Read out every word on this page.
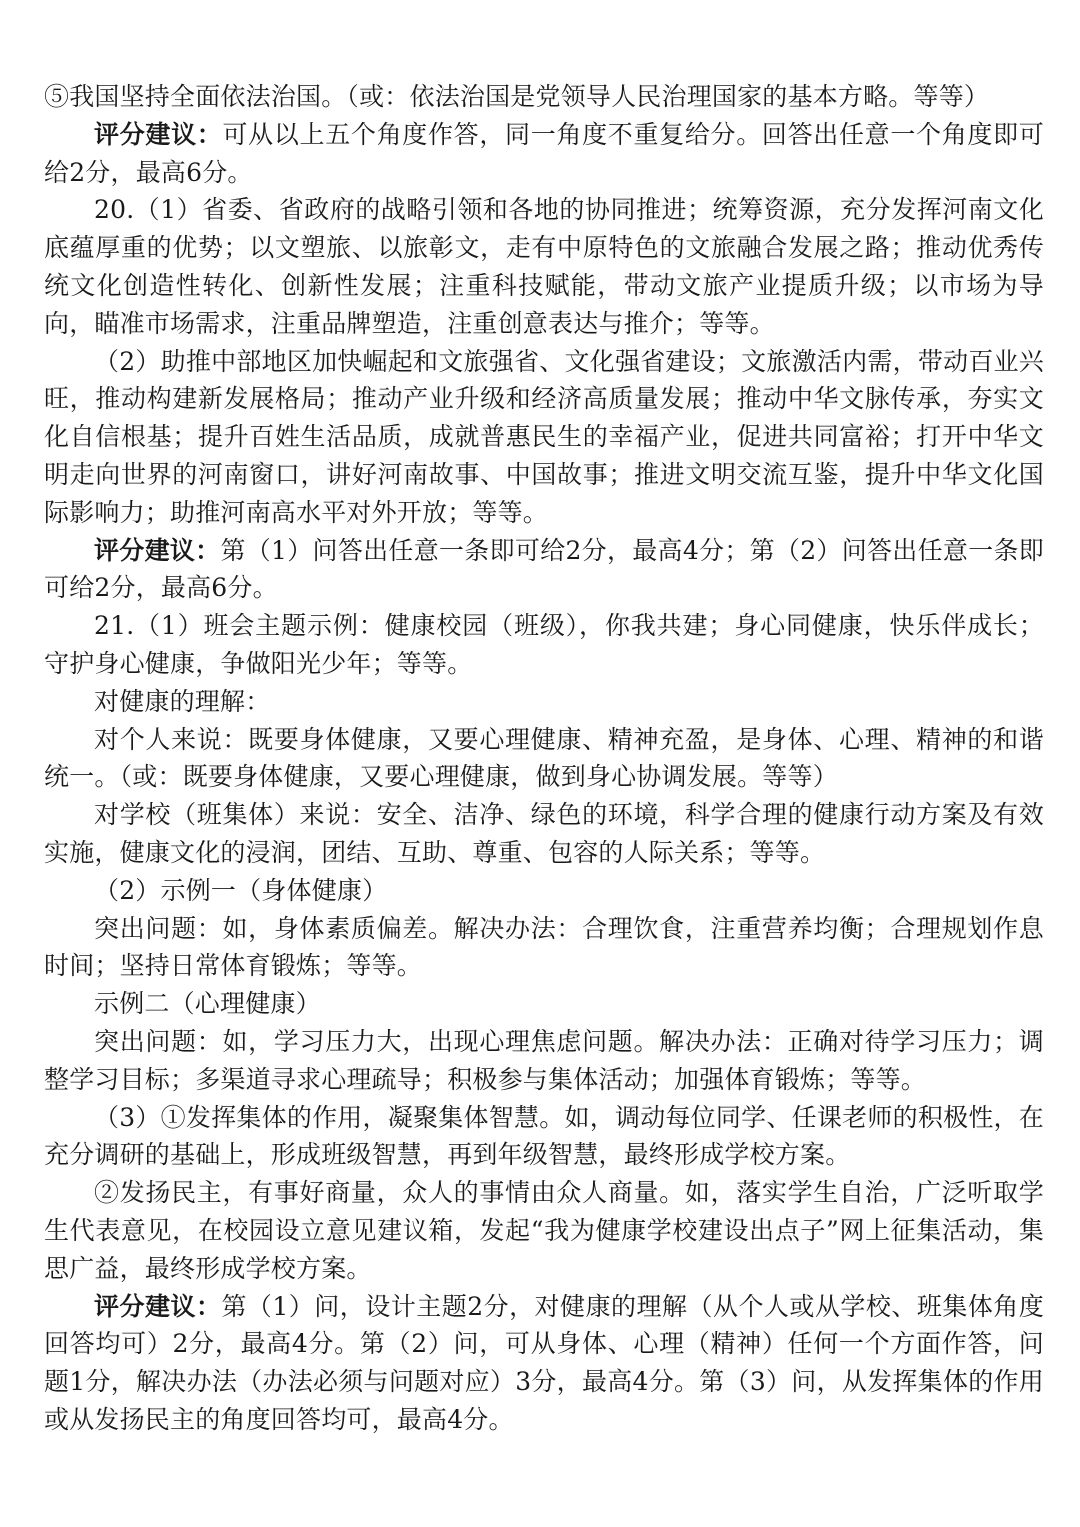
⑤我国坚持全面依法治国。（或：依法治国是党领导人民治理国家的基本方略。等等）

评分建议：可从以上五个角度作答，同一角度不重复给分。回答出任意一个角度即可给2分，最高6分。

20.（1）省委、省政府的战略引领和各地的协同推进；统筹资源，充分发挥河南文化底蕴厚重的优势；以文塑旅、以旅彰文，走有中原特色的文旅融合发展之路；推动优秀传统文化创造性转化、创新性发展；注重科技赋能，带动文旅产业提质升级；以市场为导向，瞄准市场需求，注重品牌塑造，注重创意表达与推介；等等。

（2）助推中部地区加快崛起和文旅强省、文化强省建设；文旅激活内需，带动百业兴旺，推动构建新发展格局；推动产业升级和经济高质量发展；推动中华文脉传承，夯实文化自信根基；提升百姓生活品质，成就普惠民生的幸福产业，促进共同富裕；打开中华文明走向世界的河南窗口，讲好河南故事、中国故事；推进文明交流互鉴，提升中华文化国际影响力；助推河南高水平对外开放；等等。

评分建议：第（1）问答出任意一条即可给2分，最高4分；第（2）问答出任意一条即可给2分，最高6分。

21.（1）班会主题示例：健康校园（班级），你我共建；身心同健康，快乐伴成长；守护身心健康，争做阳光少年；等等。

对健康的理解：

对个人来说：既要身体健康，又要心理健康、精神充盈，是身体、心理、精神的和谐统一。（或：既要身体健康，又要心理健康，做到身心协调发展。等等）

对学校（班集体）来说：安全、洁净、绿色的环境，科学合理的健康行动方案及有效实施，健康文化的浸润，团结、互助、尊重、包容的人际关系；等等。

（2）示例一（身体健康）

突出问题：如，身体素质偏差。解决办法：合理饮食，注重营养均衡；合理规划作息时间；坚持日常体育锻炼；等等。

示例二（心理健康）

突出问题：如，学习压力大，出现心理焦虑问题。解决办法：正确对待学习压力；调整学习目标；多渠道寻求心理疏导；积极参与集体活动；加强体育锻炼；等等。

（3）①发挥集体的作用，凝聚集体智慧。如，调动每位同学、任课老师的积极性，在充分调研的基础上，形成班级智慧，再到年级智慧，最终形成学校方案。

②发扬民主，有事好商量，众人的事情由众人商量。如，落实学生自治，广泛听取学生代表意见，在校园设立意见建议箱，发起“我为健康学校建设出点子”网上征集活动，集思广益，最终形成学校方案。

评分建议：第（1）问，设计主题2分，对健康的理解（从个人或从学校、班集体角度回答均可）2分，最高4分。第（2）问，可从身体、心理（精神）任何一个方面作答，问题1分，解决办法（办法必须与问题对应）3分，最高4分。第（3）问，从发挥集体的作用或从发扬民主的角度回答均可，最高4分。
